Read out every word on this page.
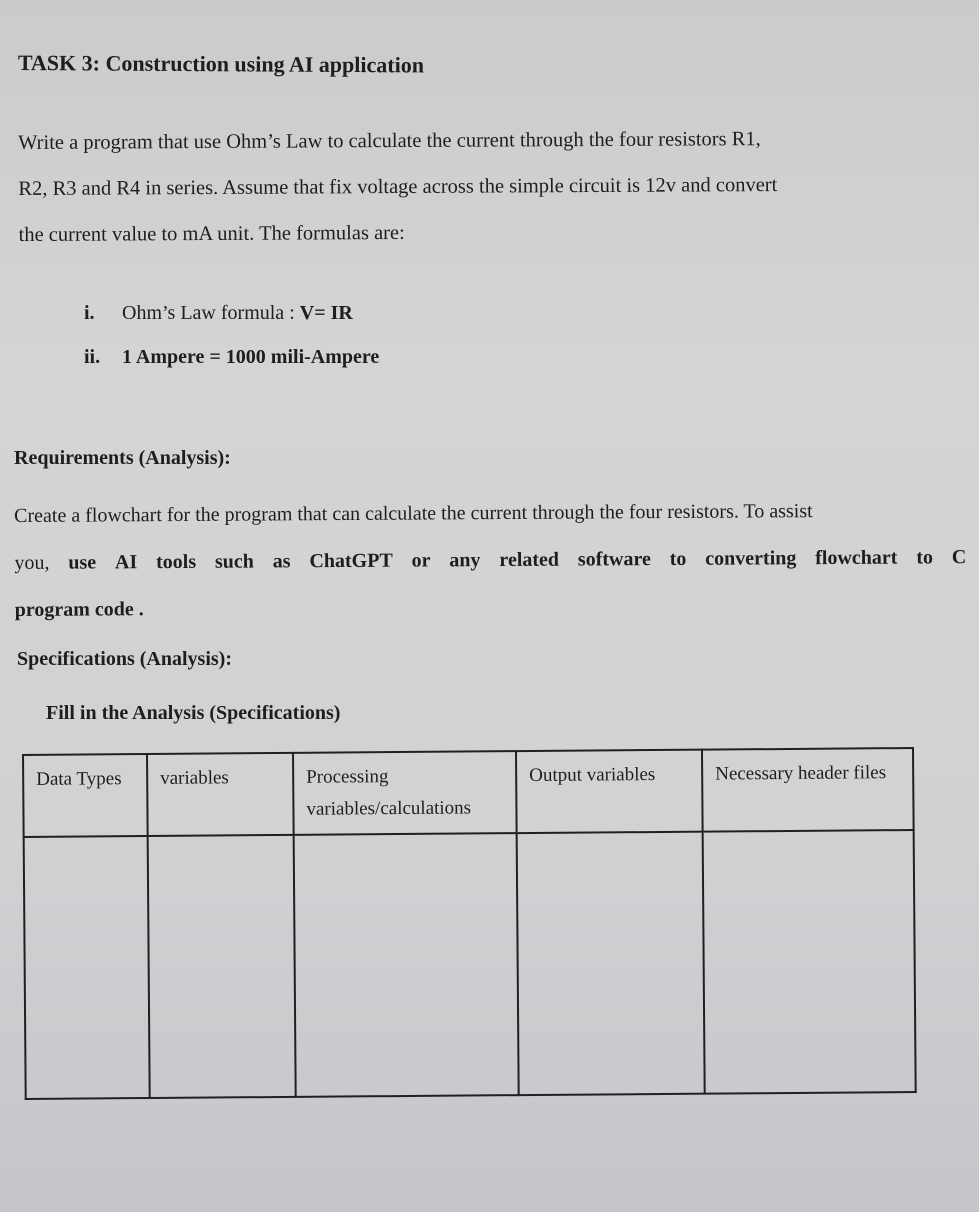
TASK 3: Construction using AI application
Write a program that use Ohm’s Law to calculate the current through the four resistors R1,
R2, R3 and R4 in series. Assume that fix voltage across the simple circuit is 12v and convert
the current value to mA unit. The formulas are:
i. Ohm’s Law formula : V= IR
ii. 1 Ampere = 1000 mili-Ampere
Requirements (Analysis):
Create a flowchart for the program that can calculate the current through the four resistors. To assist
you, use AI tools such as ChatGPT or any related software to converting flowchart to C
program code .
Specifications (Analysis):
Fill in the Analysis (Specifications)
Data Types	variables	Processing variables/calculations	Output variables	Necessary header files
